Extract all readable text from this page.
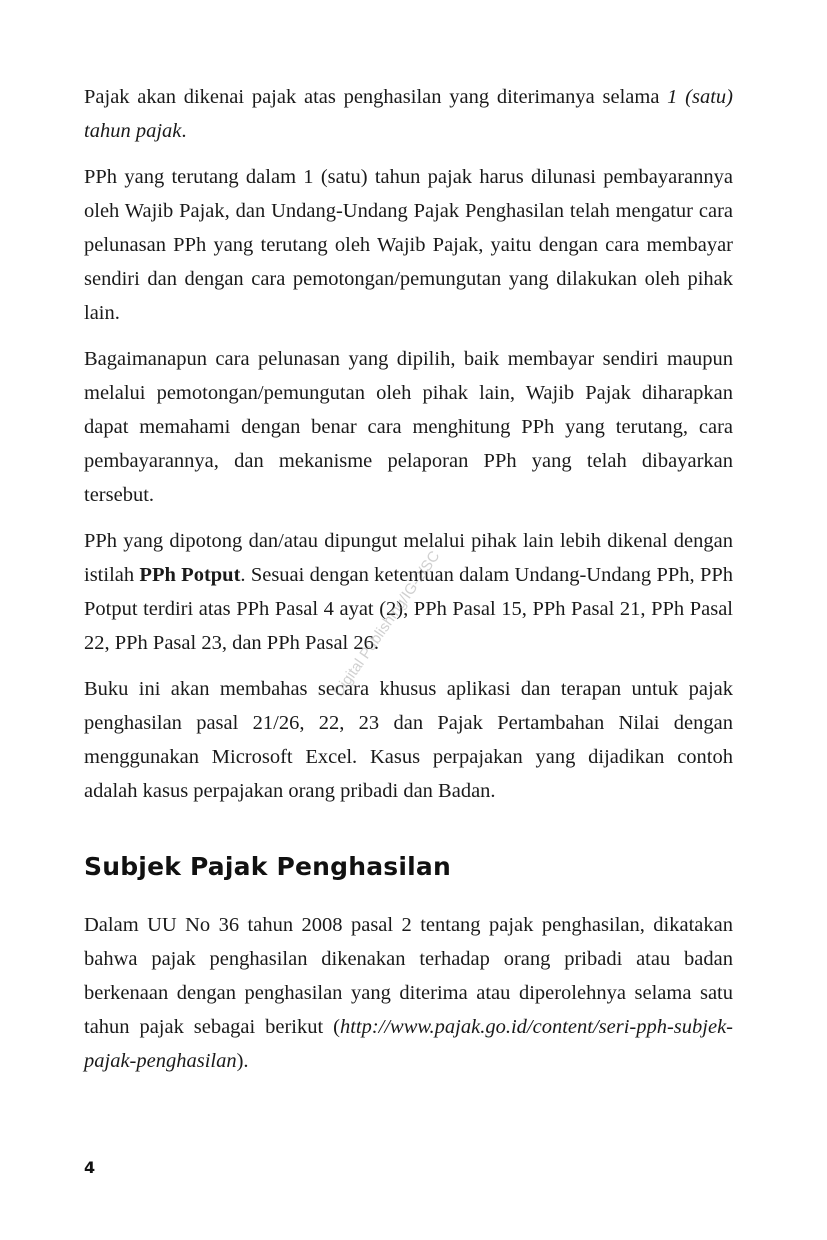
Pajak akan dikenai pajak atas penghasilan yang diterimanya selama 1 (satu) tahun pajak.

PPh yang terutang dalam 1 (satu) tahun pajak harus dilunasi pembayarannya oleh Wajib Pajak, dan Undang-Undang Pajak Penghasilan telah mengatur cara pelunasan PPh yang terutang oleh Wajib Pajak, yaitu dengan cara membayar sendiri dan dengan cara pemotongan/pemungutan yang dilakukan oleh pihak lain.

Bagaimanapun cara pelunasan yang dipilih, baik membayar sendiri maupun melalui pemotongan/pemungutan oleh pihak lain, Wajib Pajak diharapkan dapat memahami dengan benar cara menghitung PPh yang terutang, cara pembayarannya, dan mekanisme pelaporan PPh yang telah dibayarkan tersebut.

PPh yang dipotong dan/atau dipungut melalui pihak lain lebih dikenal dengan istilah PPh Potput. Sesuai dengan ketentuan dalam Undang-Undang PPh, PPh Potput terdiri atas PPh Pasal 4 ayat (2), PPh Pasal 15, PPh Pasal 21, PPh Pasal 22, PPh Pasal 23, dan PPh Pasal 26.

Buku ini akan membahas secara khusus aplikasi dan terapan untuk pajak penghasilan pasal 21/26, 22, 23 dan Pajak Pertambahan Nilai dengan menggunakan Microsoft Excel. Kasus perpajakan yang dijadikan contoh adalah kasus perpajakan orang pribadi dan Badan.

Subjek Pajak Penghasilan

Dalam UU No 36 tahun 2008 pasal 2 tentang pajak penghasilan, dikatakan bahwa pajak penghasilan dikenakan terhadap orang pribadi atau badan berkenaan dengan penghasilan yang diterima atau diperolehnya selama satu tahun pajak sebagai berikut (http://www.pajak.go.id/content/seri-pph-subjek-pajak-penghasilan).

Digital Publishing/IG-2/SC
4
